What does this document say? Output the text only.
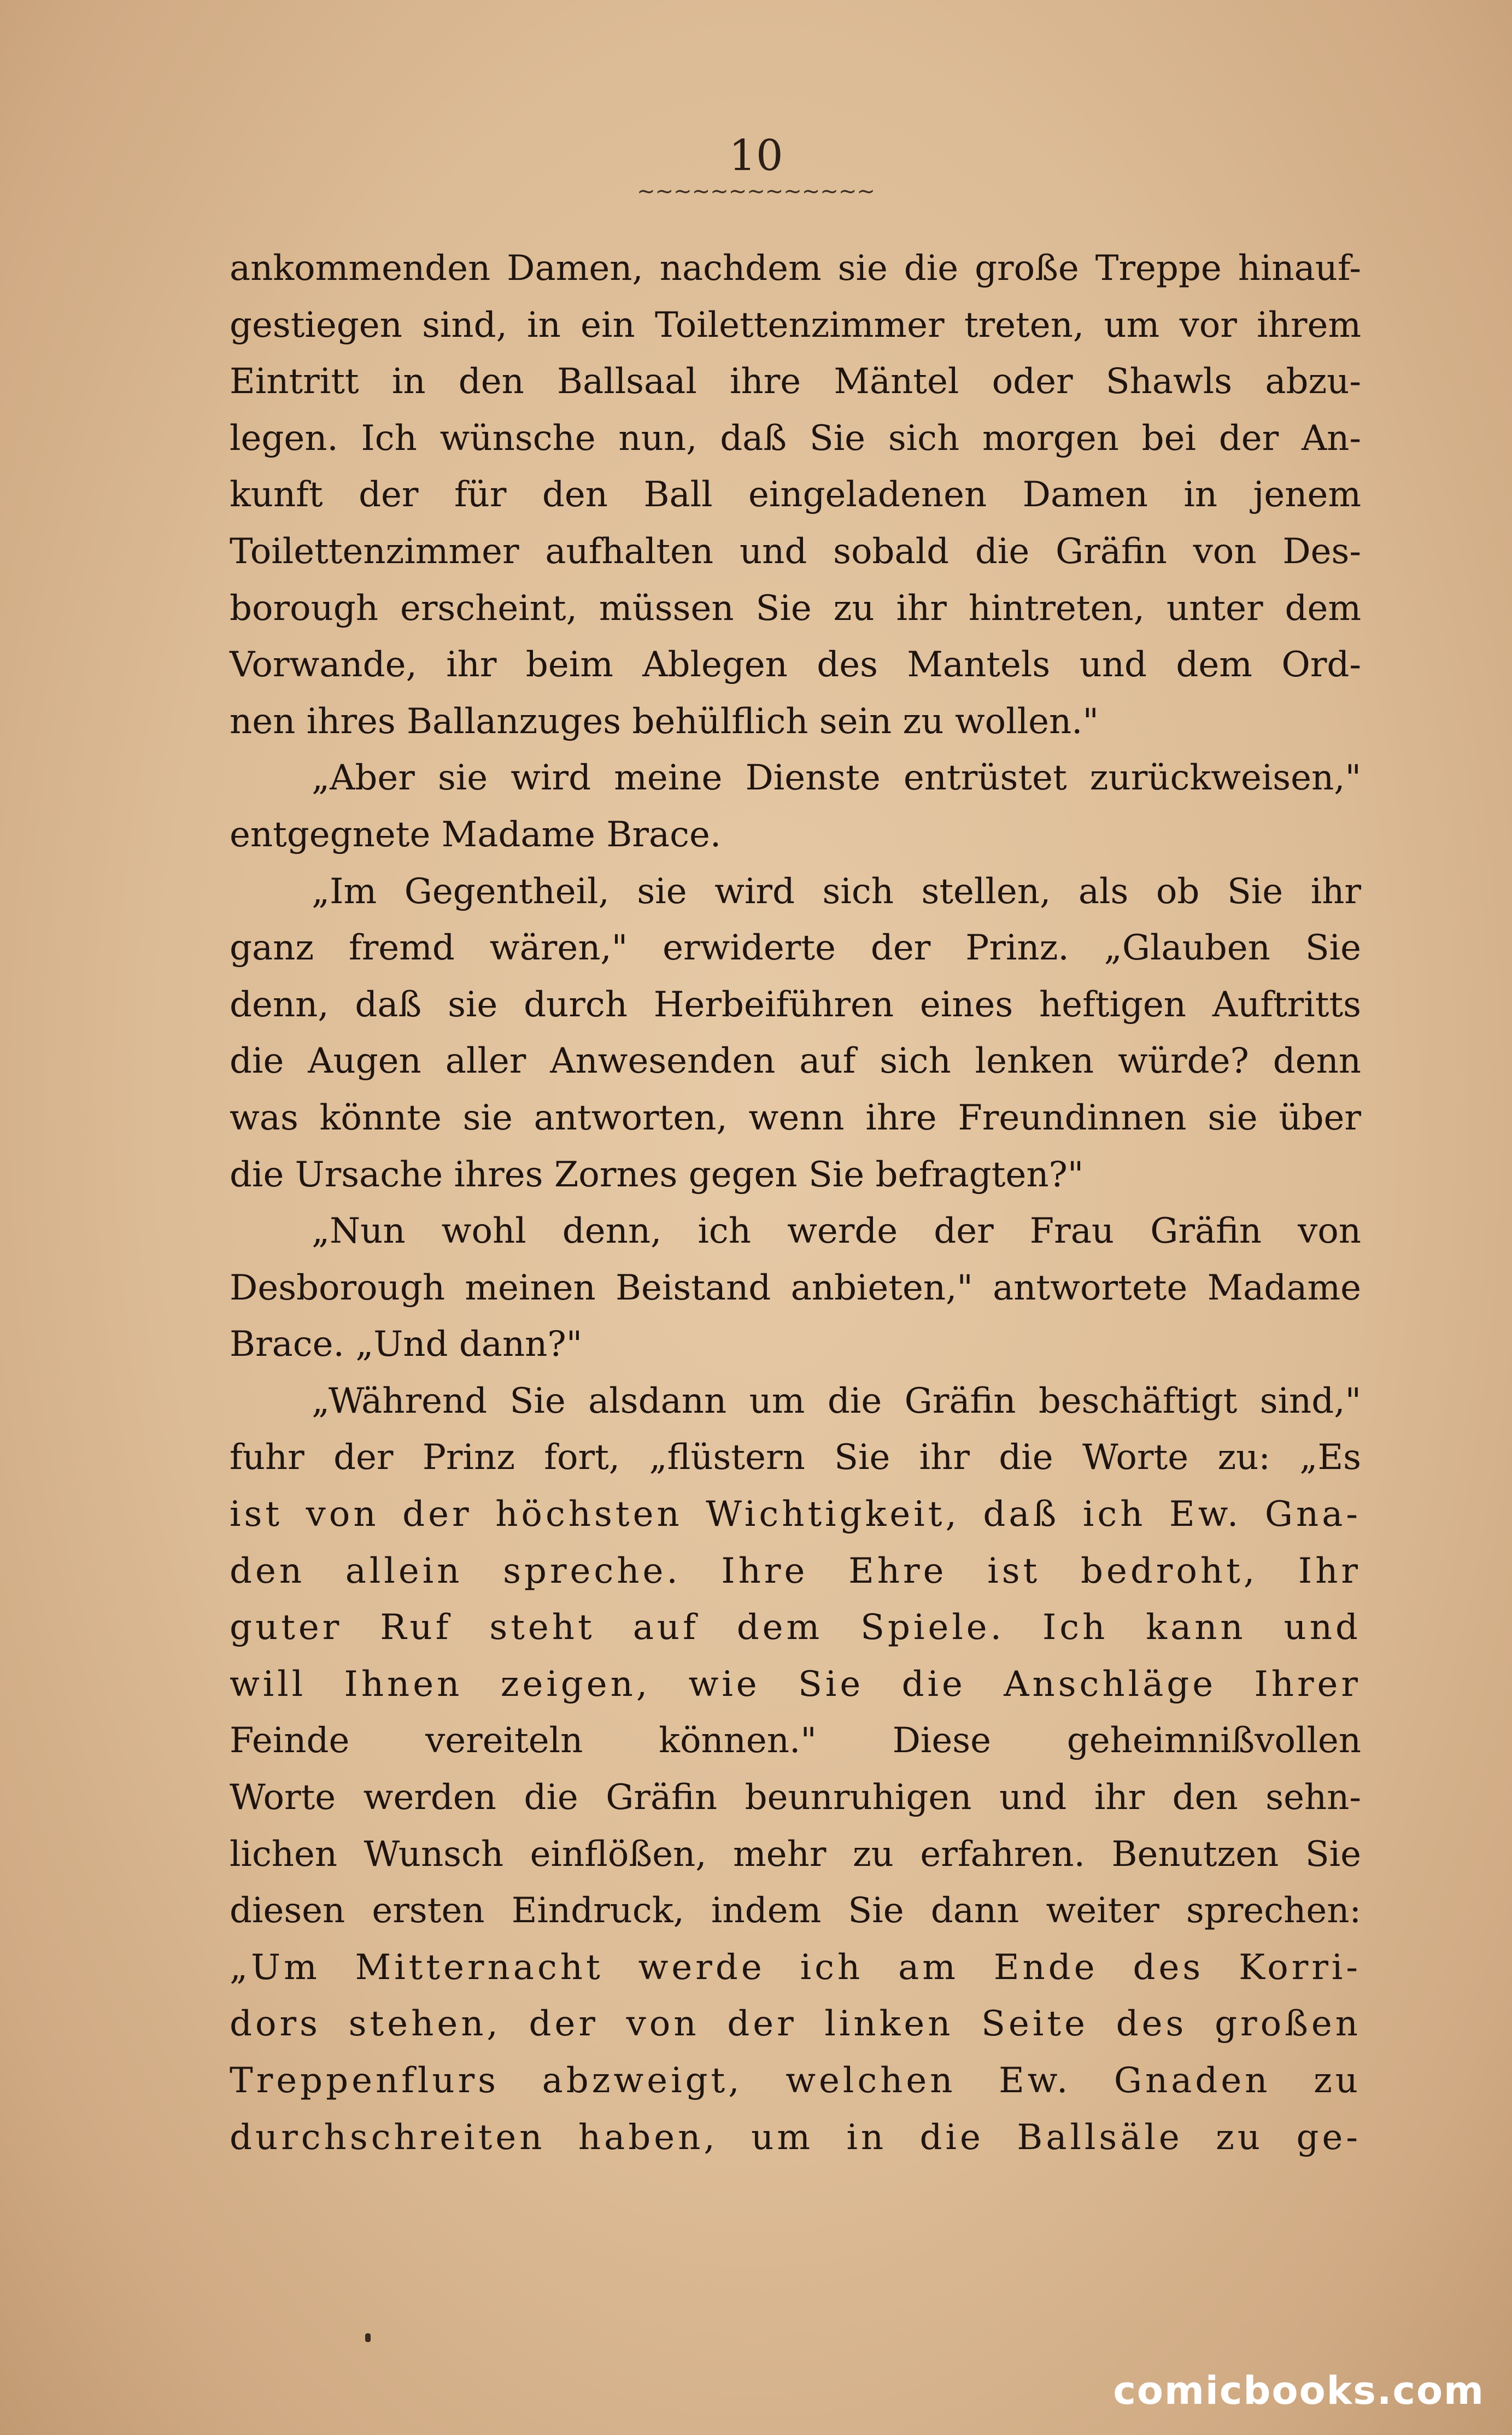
10
~~~~~~~~~~~~~
ankommenden Damen, nachdem sie die große Treppe hinauf-
gestiegen sind, in ein Toilettenzimmer treten, um vor ihrem
Eintritt in den Ballsaal ihre Mäntel oder Shawls abzu-
legen. Ich wünsche nun, daß Sie sich morgen bei der An-
kunft der für den Ball eingeladenen Damen in jenem
Toilettenzimmer aufhalten und sobald die Gräfin von Des-
borough erscheint, müssen Sie zu ihr hintreten, unter dem
Vorwande, ihr beim Ablegen des Mantels und dem Ord-
nen ihres Ballanzuges behülflich sein zu wollen."
„Aber sie wird meine Dienste entrüstet zurückweisen,"
entgegnete Madame Brace.
„Im Gegentheil, sie wird sich stellen, als ob Sie ihr
ganz fremd wären," erwiderte der Prinz. „Glauben Sie
denn, daß sie durch Herbeiführen eines heftigen Auftritts
die Augen aller Anwesenden auf sich lenken würde? denn
was könnte sie antworten, wenn ihre Freundinnen sie über
die Ursache ihres Zornes gegen Sie befragten?"
„Nun wohl denn, ich werde der Frau Gräfin von
Desborough meinen Beistand anbieten," antwortete Madame
Brace. „Und dann?"
„Während Sie alsdann um die Gräfin beschäftigt sind,"
fuhr der Prinz fort, „flüstern Sie ihr die Worte zu: „Es
ist von der höchsten Wichtigkeit, daß ich Ew. Gna-
den allein spreche. Ihre Ehre ist bedroht, Ihr
guter Ruf steht auf dem Spiele. Ich kann und
will Ihnen zeigen, wie Sie die Anschläge Ihrer
Feinde vereiteln können." Diese geheimnißvollen
Worte werden die Gräfin beunruhigen und ihr den sehn-
lichen Wunsch einflößen, mehr zu erfahren. Benutzen Sie
diesen ersten Eindruck, indem Sie dann weiter sprechen:
„Um Mitternacht werde ich am Ende des Korri-
dors stehen, der von der linken Seite des großen
Treppenflurs abzweigt, welchen Ew. Gnaden zu
durchschreiten haben, um in die Ballsäle zu ge-
comicbooks.com
